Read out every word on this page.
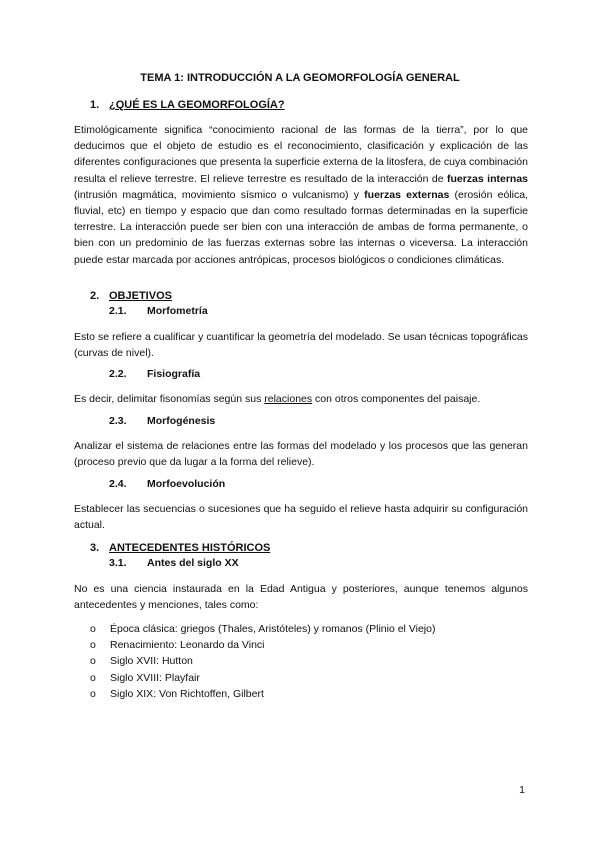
TEMA 1: INTRODUCCIÓN A LA GEOMORFOLOGÍA GENERAL
1. ¿QUÉ ES LA GEOMORFOLOGÍA?
Etimológicamente significa “conocimiento racional de las formas de la tierra”, por lo que deducimos que el objeto de estudio es el reconocimiento, clasificación y explicación de las diferentes configuraciones que presenta la superficie externa de la litosfera, de cuya combinación resulta el relieve terrestre. El relieve terrestre es resultado de la interacción de fuerzas internas (intrusión magmática, movimiento sísmico o vulcanismo) y fuerzas externas (erosión eólica, fluvial, etc) en tiempo y espacio que dan como resultado formas determinadas en la superficie terrestre. La interacción puede ser bien con una interacción de ambas de forma permanente, o bien con un predominio de las fuerzas externas sobre las internas o viceversa. La interacción puede estar marcada por acciones antrópicas, procesos biológicos o condiciones climáticas.
2. OBJETIVOS
2.1. Morfometría
Esto se refiere a cualificar y cuantificar la geometría del modelado. Se usan técnicas topográficas (curvas de nivel).
2.2. Fisiografía
Es decir, delimitar fisonomías según sus relaciones con otros componentes del paisaje.
2.3. Morfogénesis
Analizar el sistema de relaciones entre las formas del modelado y los procesos que las generan (proceso previo que da lugar a la forma del relieve).
2.4. Morfoevolución
Establecer las secuencias o sucesiones que ha seguido el relieve hasta adquirir su configuración actual.
3. ANTECEDENTES HISTÓRICOS
3.1. Antes del siglo XX
No es una ciencia instaurada en la Edad Antigua y posteriores, aunque tenemos algunos antecedentes y menciones, tales como:
o	Época clásica: griegos (Thales, Aristóteles) y romanos (Plinio el Viejo)
o	Renacimiento: Leonardo da Vinci
o	Siglo XVII: Hutton
o	Siglo XVIII: Playfair
o	Siglo XIX: Von Richtoffen, Gilbert
1
